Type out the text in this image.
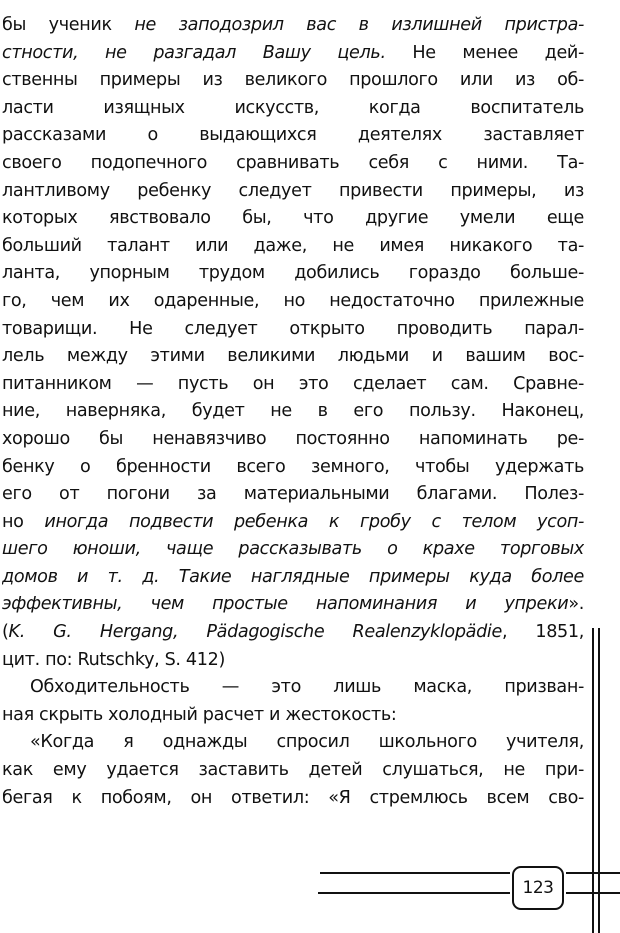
бы ученик не заподозрил вас в излишней пристра-
стности, не разгадал Вашу цель. Не менее дей-
ственны примеры из великого прошлого или из об-
ласти изящных искусств, когда воспитатель
рассказами о выдающихся деятелях заставляет
своего подопечного сравнивать себя с ними. Та-
лантливому ребенку следует привести примеры, из
которых явствовало бы, что другие умели еще
больший талант или даже, не имея никакого та-
ланта, упорным трудом добились гораздо больше-
го, чем их одаренные, но недостаточно прилежные
товарищи. Не следует открыто проводить парал-
лель между этими великими людьми и вашим вос-
питанником — пусть он это сделает сам. Сравне-
ние, наверняка, будет не в его пользу. Наконец,
хорошо бы ненавязчиво постоянно напоминать ре-
бенку о бренности всего земного, чтобы удержать
его от погони за материальными благами. Полез-
но иногда подвести ребенка к гробу с телом усоп-
шего юноши, чаще рассказывать о крахе торговых
домов и т. д. Такие наглядные примеры куда более
эффективны, чем простые напоминания и упреки».
(K. G. Hergang, Pädagogische Realenzyklopädie, 1851,
цит. по: Rutschky, S. 412)
Обходительность — это лишь маска, призван-
ная скрыть холодный расчет и жестокость:
«Когда я однажды спросил школьного учителя,
как ему удается заставить детей слушаться, не при-
бегая к побоям, он ответил: «Я стремлюсь всем сво-
123
